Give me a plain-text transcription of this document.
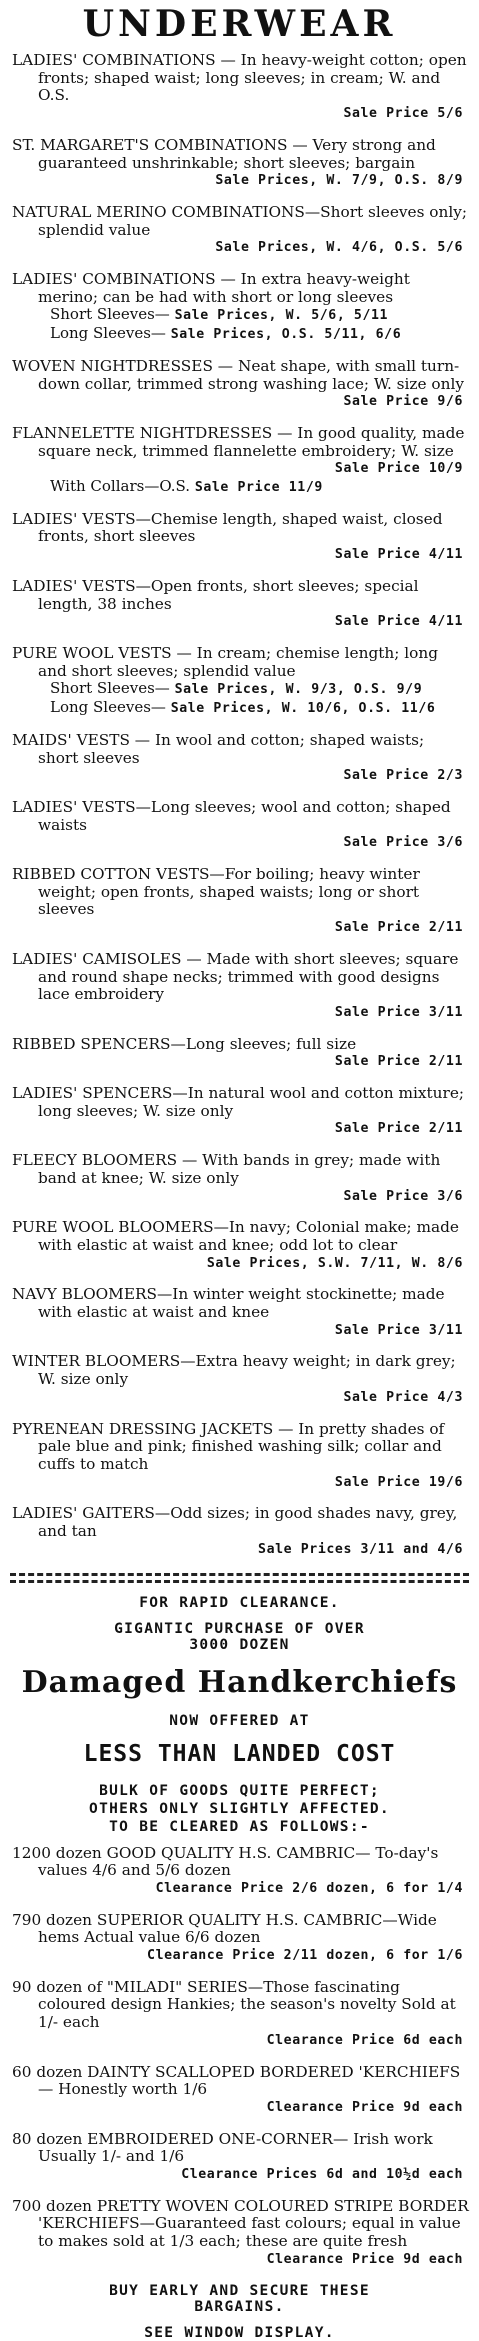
UNDERWEAR
LADIES' COMBINATIONS — In heavy-weight cotton; open fronts; shaped waist; long sleeves; in cream; W. and O.S.
Sale Price 5/6
ST. MARGARET'S COMBINATIONS — Very strong and guaranteed unshrinkable; short sleeves; bargain
Sale Prices, W. 7/9, O.S. 8/9
NATURAL MERINO COMBINATIONS—Short sleeves only; splendid value
Sale Prices, W. 4/6, O.S. 5/6
LADIES' COMBINATIONS — In extra heavy-weight merino; can be had with short or long sleeves
Short Sleeves— Sale Prices, W. 5/6, 5/11
Long Sleeves— Sale Prices, O.S. 5/11, 6/6
WOVEN NIGHTDRESSES — Neat shape, with small turn-down collar, trimmed strong washing lace; W. size only
Sale Price 9/6
FLANNELETTE NIGHTDRESSES — In good quality, made square neck, trimmed flannelette embroidery; W. size
Sale Price 10/9
With Collars—O.S. Sale Price 11/9
LADIES' VESTS—Chemise length, shaped waist, closed fronts, short sleeves
Sale Price 4/11
LADIES' VESTS—Open fronts, short sleeves; special length, 38 inches
Sale Price 4/11
PURE WOOL VESTS — In cream; chemise length; long and short sleeves; splendid value
Short Sleeves— Sale Prices, W. 9/3, O.S. 9/9
Long Sleeves— Sale Prices, W. 10/6, O.S. 11/6
MAIDS' VESTS — In wool and cotton; shaped waists; short sleeves
Sale Price 2/3
LADIES' VESTS—Long sleeves; wool and cotton; shaped waists
Sale Price 3/6
RIBBED COTTON VESTS—For boiling; heavy winter weight; open fronts, shaped waists; long or short sleeves
Sale Price 2/11
LADIES' CAMISOLES — Made with short sleeves; square and round shape necks; trimmed with good designs lace embroidery
Sale Price 3/11
RIBBED SPENCERS—Long sleeves; full size
Sale Price 2/11
LADIES' SPENCERS—In natural wool and cotton mixture; long sleeves; W. size only
Sale Price 2/11
FLEECY BLOOMERS — With bands in grey; made with band at knee; W. size only
Sale Price 3/6
PURE WOOL BLOOMERS—In navy; Colonial make; made with elastic at waist and knee; odd lot to clear
Sale Prices, S.W. 7/11, W. 8/6
NAVY BLOOMERS—In winter weight stockinette; made with elastic at waist and knee
Sale Price 3/11
WINTER BLOOMERS—Extra heavy weight; in dark grey; W. size only
Sale Price 4/3
PYRENEAN DRESSING JACKETS — In pretty shades of pale blue and pink; finished washing silk; collar and cuffs to match
Sale Price 19/6
LADIES' GAITERS—Odd sizes; in good shades navy, grey, and tan
Sale Prices 3/11 and 4/6
FOR RAPID CLEARANCE.
GIGANTIC PURCHASE OF OVER
3000 DOZEN
Damaged Handkerchiefs
NOW OFFERED AT
LESS THAN LANDED COST
BULK OF GOODS QUITE PERFECT;
OTHERS ONLY SLIGHTLY AFFECTED.
TO BE CLEARED AS FOLLOWS:-
1200 dozen GOOD QUALITY H.S. CAMBRIC— To-day's values 4/6 and 5/6 dozen
Clearance Price 2/6 dozen, 6 for 1/4
790 dozen SUPERIOR QUALITY H.S. CAMBRIC—Wide hems Actual value 6/6 dozen
Clearance Price 2/11 dozen, 6 for 1/6
90 dozen of "MILADI" SERIES—Those fascinating coloured design Hankies; the season's novelty Sold at 1/- each
Clearance Price 6d each
60 dozen DAINTY SCALLOPED BORDERED 'KERCHIEFS— Honestly worth 1/6
Clearance Price 9d each
80 dozen EMBROIDERED ONE-CORNER— Irish work Usually 1/- and 1/6
Clearance Prices 6d and 10½d each
700 dozen PRETTY WOVEN COLOURED STRIPE BORDER 'KERCHIEFS—Guaranteed fast colours; equal in value to makes sold at 1/3 each; these are quite fresh
Clearance Price 9d each
BUY EARLY AND SECURE THESE
BARGAINS.
SEE WINDOW DISPLAY.
